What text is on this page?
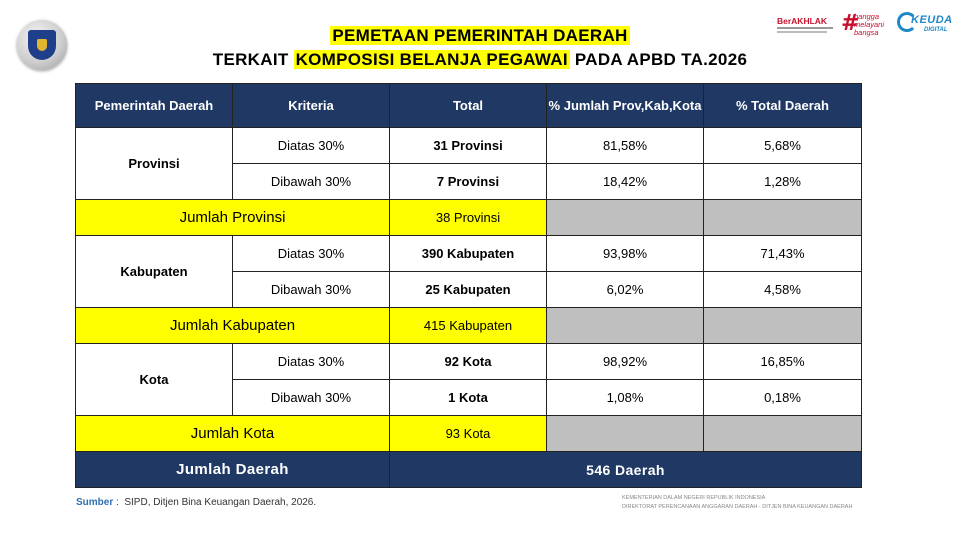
PEMETAAN PEMERINTAH DAERAH
TERKAIT KOMPOSISI BELANJA PEGAWAI PADA APBD TA.2026
BerAKHLAK #
bangga
melayani
bangsa
KEUDA
DIGITAL
Pemerintah Daerah	Kriteria	Total	% Jumlah Prov,Kab,Kota	% Total Daerah
Provinsi	Diatas 30%	31 Provinsi	81,58%	5,68%
	Dibawah 30%	7 Provinsi	18,42%	1,28%
Jumlah Provinsi		38 Provinsi		
Kabupaten	Diatas 30%	390 Kabupaten	93,98%	71,43%
	Dibawah 30%	25 Kabupaten	6,02%	4,58%
Jumlah Kabupaten		415 Kabupaten		
Kota	Diatas 30%	92 Kota	98,92%	16,85%
	Dibawah 30%	1 Kota	1,08%	0,18%
Jumlah Kota		93 Kota		
Jumlah Daerah		546 Daerah		
Sumber : SIPD, Ditjen Bina Keuangan Daerah, 2026.	KEMENTERIAN DALAM NEGERI REPUBLIK INDONESIA
DIREKTORAT PERENCANAAN ANGGARAN DAERAH - DITJEN BINA KEUANGAN DAERAH
